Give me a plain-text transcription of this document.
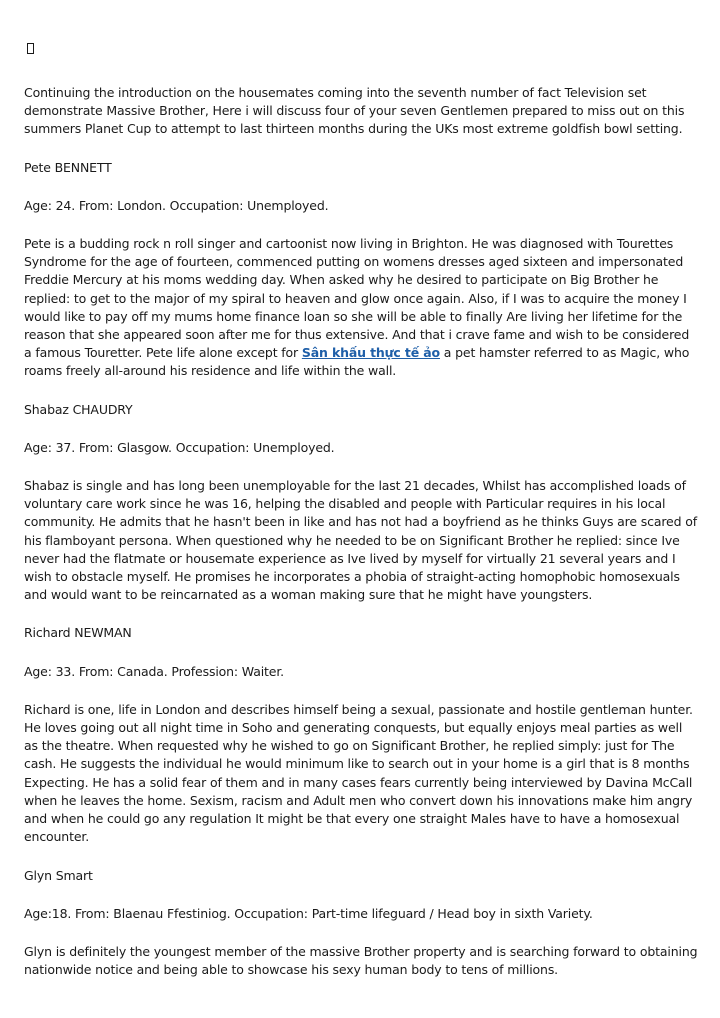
Continuing the introduction on the housemates coming into the seventh number of fact Television set demonstrate Massive Brother, Here i will discuss four of your seven Gentlemen prepared to miss out on this summers Planet Cup to attempt to last thirteen months during the UKs most extreme goldfish bowl setting.

Pete BENNETT

Age: 24. From: London. Occupation: Unemployed.

Pete is a budding rock n roll singer and cartoonist now living in Brighton. He was diagnosed with Tourettes Syndrome for the age of fourteen, commenced putting on womens dresses aged sixteen and impersonated Freddie Mercury at his moms wedding day. When asked why he desired to participate on Big Brother he replied: to get to the major of my spiral to heaven and glow once again. Also, if I was to acquire the money I would like to pay off my mums home finance loan so she will be able to finally Are living her lifetime for the reason that she appeared soon after me for thus extensive. And that i crave fame and wish to be considered a famous Touretter. Pete life alone except for Sân khấu thực tế ảo a pet hamster referred to as Magic, who roams freely all-around his residence and life within the wall.

Shabaz CHAUDRY

Age: 37. From: Glasgow. Occupation: Unemployed.

Shabaz is single and has long been unemployable for the last 21 decades, Whilst has accomplished loads of voluntary care work since he was 16, helping the disabled and people with Particular requires in his local community. He admits that he hasn't been in like and has not had a boyfriend as he thinks Guys are scared of his flamboyant persona. When questioned why he needed to be on Significant Brother he replied: since Ive never had the flatmate or housemate experience as Ive lived by myself for virtually 21 several years and I wish to obstacle myself. He promises he incorporates a phobia of straight-acting homophobic homosexuals and would want to be reincarnated as a woman making sure that he might have youngsters.

Richard NEWMAN

Age: 33. From: Canada. Profession: Waiter.

Richard is one, life in London and describes himself being a sexual, passionate and hostile gentleman hunter. He loves going out all night time in Soho and generating conquests, but equally enjoys meal parties as well as the theatre. When requested why he wished to go on Significant Brother, he replied simply: just for The cash. He suggests the individual he would minimum like to search out in your home is a girl that is 8 months Expecting. He has a solid fear of them and in many cases fears currently being interviewed by Davina McCall when he leaves the home. Sexism, racism and Adult men who convert down his innovations make him angry and when he could go any regulation It might be that every one straight Males have to have a homosexual encounter.

Glyn Smart

Age:18. From: Blaenau Ffestiniog. Occupation: Part-time lifeguard / Head boy in sixth Variety.

Glyn is definitely the youngest member of the massive Brother property and is searching forward to obtaining nationwide notice and being able to showcase his sexy human body to tens of millions.
